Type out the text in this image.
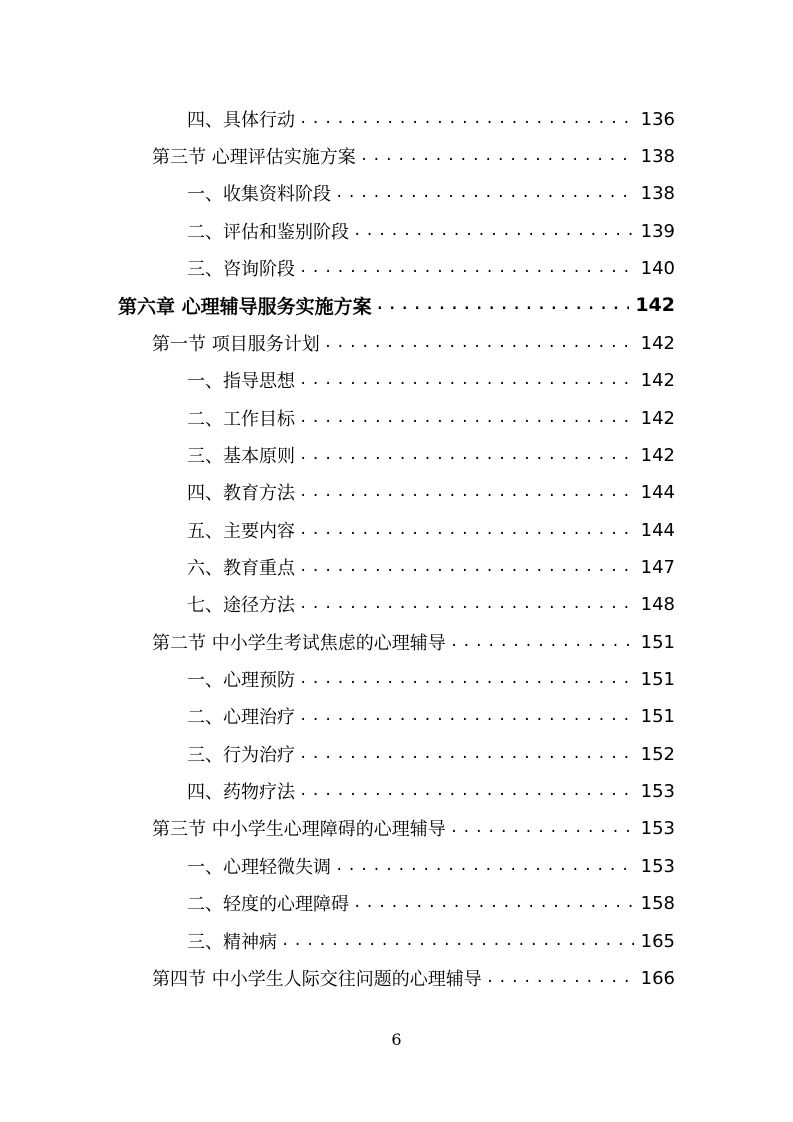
四、具体行动 .....	136
第三节 心理评估实施方案 .....	138
一、收集资料阶段 .....	138
二、评估和鉴别阶段 .....	139
三、咨询阶段 .....	140
第六章 心理辅导服务实施方案 .....	142
第一节 项目服务计划 .....	142
一、指导思想 .....	142
二、工作目标 .....	142
三、基本原则 .....	142
四、教育方法 .....	144
五、主要内容 .....	144
六、教育重点 .....	147
七、途径方法 .....	148
第二节 中小学生考试焦虑的心理辅导 .....	151
一、心理预防 .....	151
二、心理治疗 .....	151
三、行为治疗 .....	152
四、药物疗法 .....	153
第三节 中小学生心理障碍的心理辅导 .....	153
一、心理轻微失调 .....	153
二、轻度的心理障碍 .....	158
三、精神病 .....	165
第四节 中小学生人际交往问题的心理辅导 .....	166
6
